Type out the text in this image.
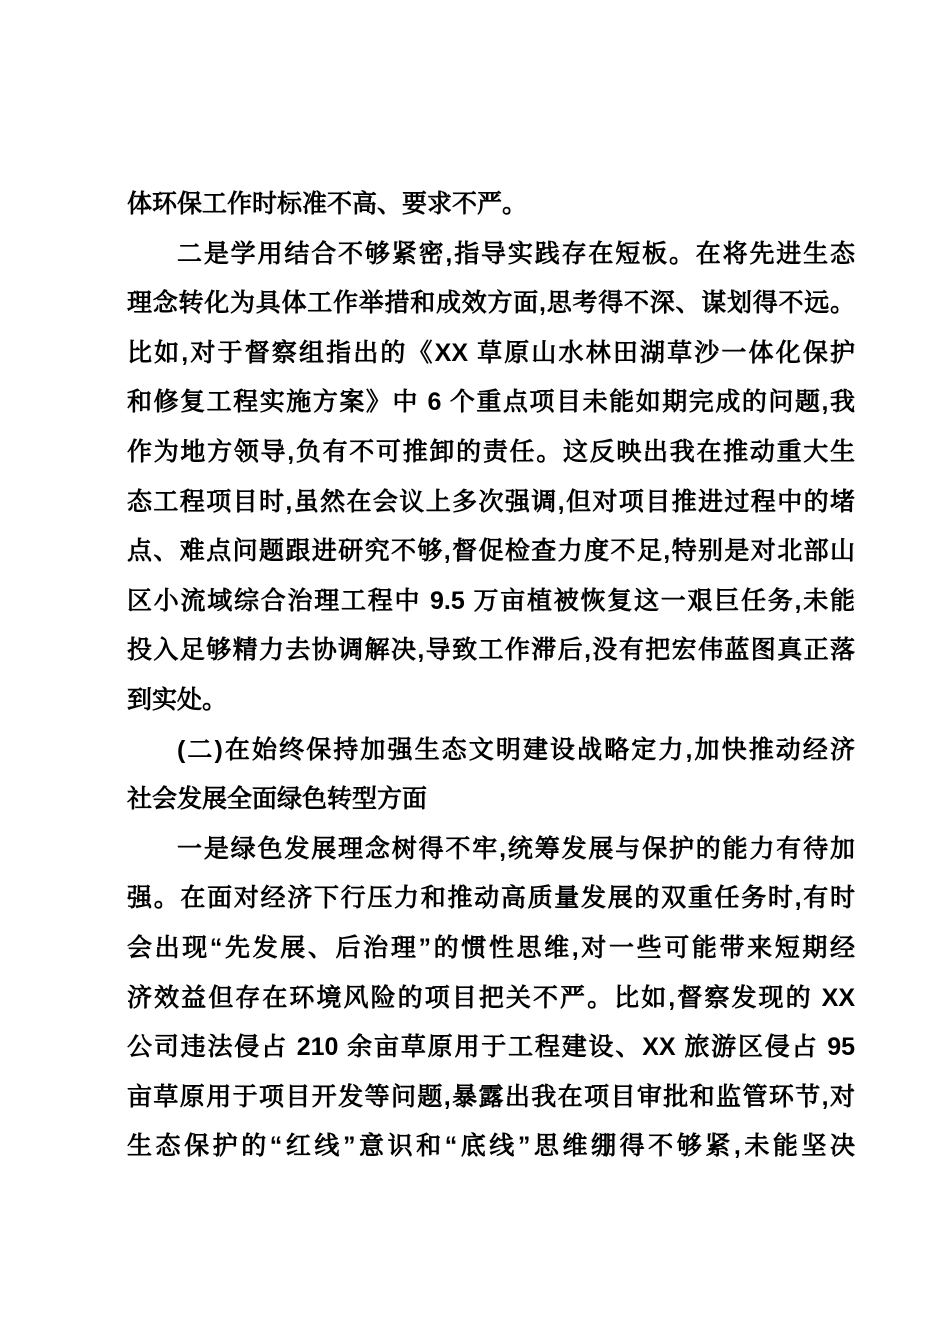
体环保工作时标准不高、要求不严。
二是学用结合不够紧密,指导实践存在短板。在将先进生态
理念转化为具体工作举措和成效方面,思考得不深、谋划得不远。
比如,对于督察组指出的《XX 草原山水林田湖草沙一体化保护
和修复工程实施方案》中 6 个重点项目未能如期完成的问题,我
作为地方领导,负有不可推卸的责任。这反映出我在推动重大生
态工程项目时,虽然在会议上多次强调,但对项目推进过程中的堵
点、难点问题跟进研究不够,督促检查力度不足,特别是对北部山
区小流域综合治理工程中 9.5 万亩植被恢复这一艰巨任务,未能
投入足够精力去协调解决,导致工作滞后,没有把宏伟蓝图真正落
到实处。
(二)在始终保持加强生态文明建设战略定力,加快推动经济
社会发展全面绿色转型方面
一是绿色发展理念树得不牢,统筹发展与保护的能力有待加
强。在面对经济下行压力和推动高质量发展的双重任务时,有时
会出现“先发展、后治理”的惯性思维,对一些可能带来短期经
济效益但存在环境风险的项目把关不严。比如,督察发现的 XX
公司违法侵占 210 余亩草原用于工程建设、XX 旅游区侵占 95
亩草原用于项目开发等问题,暴露出我在项目审批和监管环节,对
生态保护的“红线”意识和“底线”思维绷得不够紧,未能坚决
